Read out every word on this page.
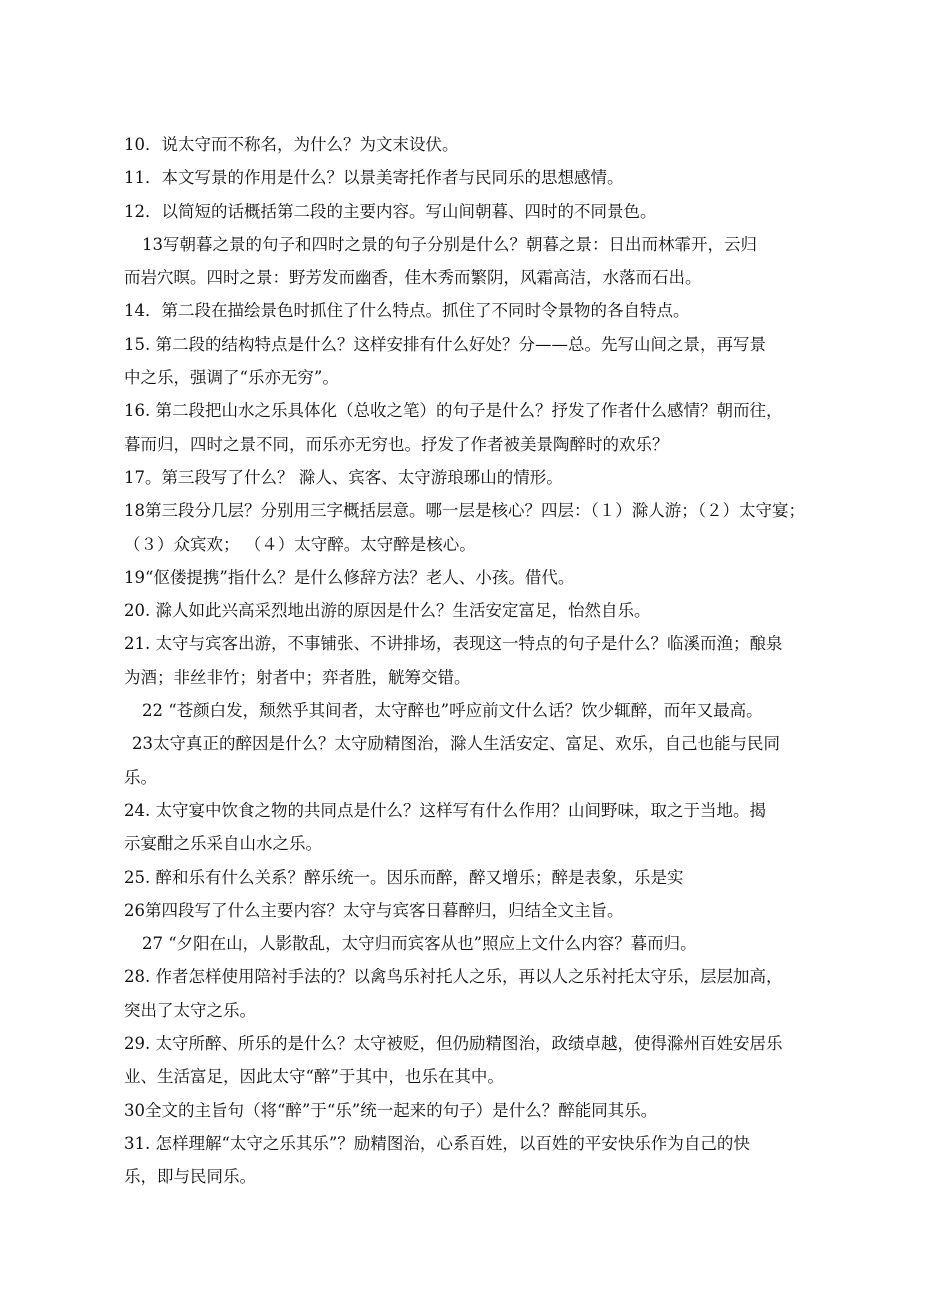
10．说太守而不称名，为什么？为文末设伏。
11．本文写景的作用是什么？以景美寄托作者与民同乐的思想感情。
12．以简短的话概括第二段的主要内容。写山间朝暮、四时的不同景色。
13写朝暮之景的句子和四时之景的句子分别是什么？朝暮之景：日出而林霏开，云归
而岩穴暝。四时之景：野芳发而幽香，佳木秀而繁阴，风霜高洁，水落而石出。
14．第二段在描绘景色时抓住了什么特点。抓住了不同时令景物的各自特点。
15. 第二段的结构特点是什么？这样安排有什么好处？分——总。先写山间之景，再写景
中之乐，强调了“乐亦无穷”。
16. 第二段把山水之乐具体化（总收之笔）的句子是什么？抒发了作者什么感情？朝而往，
暮而归，四时之景不同，而乐亦无穷也。抒发了作者被美景陶醉时的欢乐？
17。第三段写了什么？ 滁人、宾客、太守游琅琊山的情形。
18第三段分几层？分别用三字概括层意。哪一层是核心？四层：（１）滁人游；（２）太守宴；
（３）众宾欢； （４）太守醉。太守醉是核心。
19“伛偻提携”指什么？是什么修辞方法？老人、小孩。借代。
20. 滁人如此兴高采烈地出游的原因是什么？生活安定富足，怡然自乐。
21. 太守与宾客出游，不事铺张、不讲排场，表现这一特点的句子是什么？临溪而渔；酿泉
为酒；非丝非竹；射者中；弈者胜，觥筹交错。
22 “苍颜白发，颓然乎其间者，太守醉也”呼应前文什么话？饮少辄醉，而年又最高。
23太守真正的醉因是什么？太守励精图治，滁人生活安定、富足、欢乐，自己也能与民同
乐。
24. 太守宴中饮食之物的共同点是什么？这样写有什么作用？山间野味，取之于当地。揭
示宴酣之乐采自山水之乐。
25. 醉和乐有什么关系？醉乐统一。因乐而醉，醉又增乐；醉是表象，乐是实
26第四段写了什么主要内容？太守与宾客日暮醉归，归结全文主旨。
27 “夕阳在山，人影散乱，太守归而宾客从也”照应上文什么内容？暮而归。
28. 作者怎样使用陪衬手法的？以禽鸟乐衬托人之乐，再以人之乐衬托太守乐，层层加高，
突出了太守之乐。
29. 太守所醉、所乐的是什么？太守被贬，但仍励精图治，政绩卓越，使得滁州百姓安居乐
业、生活富足，因此太守“醉”于其中，也乐在其中。
30全文的主旨句（将“醉”于“乐”统一起来的句子）是什么？醉能同其乐。
31. 怎样理解“太守之乐其乐”？励精图治，心系百姓，以百姓的平安快乐作为自己的快
乐，即与民同乐。
